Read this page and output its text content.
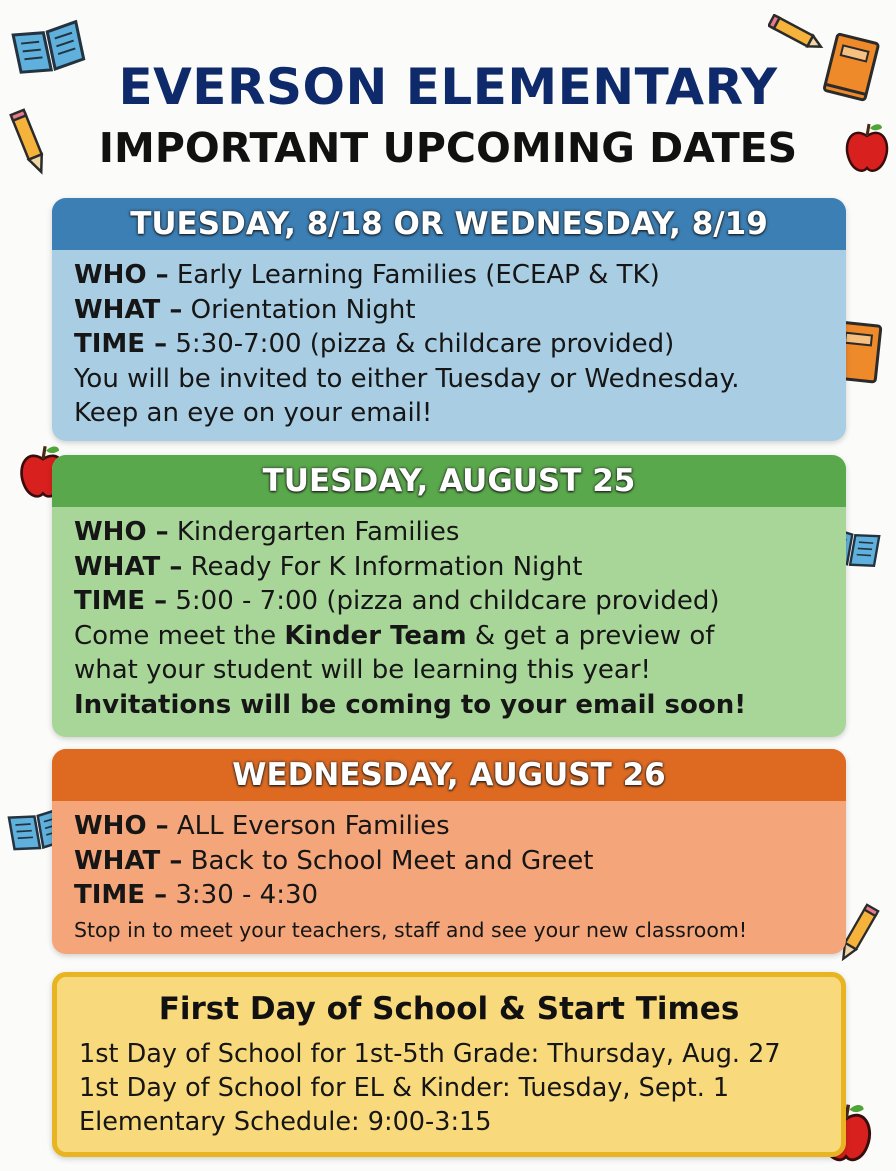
EVERSON ELEMENTARY
IMPORTANT UPCOMING DATES
TUESDAY, 8/18 OR WEDNESDAY, 8/19
WHO – Early Learning Families (ECEAP & TK)
WHAT – Orientation Night
TIME – 5:30-7:00 (pizza & childcare provided)
You will be invited to either Tuesday or Wednesday.
Keep an eye on your email!
TUESDAY, AUGUST 25
WHO – Kindergarten Families
WHAT – Ready For K Information Night
TIME – 5:00 - 7:00 (pizza and childcare provided)
Come meet the Kinder Team & get a preview of
what your student will be learning this year!
Invitations will be coming to your email soon!
WEDNESDAY, AUGUST 26
WHO – ALL Everson Families
WHAT – Back to School Meet and Greet
TIME – 3:30 - 4:30
Stop in to meet your teachers, staff and see your new classroom!
First Day of School & Start Times
1st Day of School for 1st-5th Grade: Thursday, Aug. 27
1st Day of School for EL & Kinder: Tuesday, Sept. 1
Elementary Schedule: 9:00-3:15
